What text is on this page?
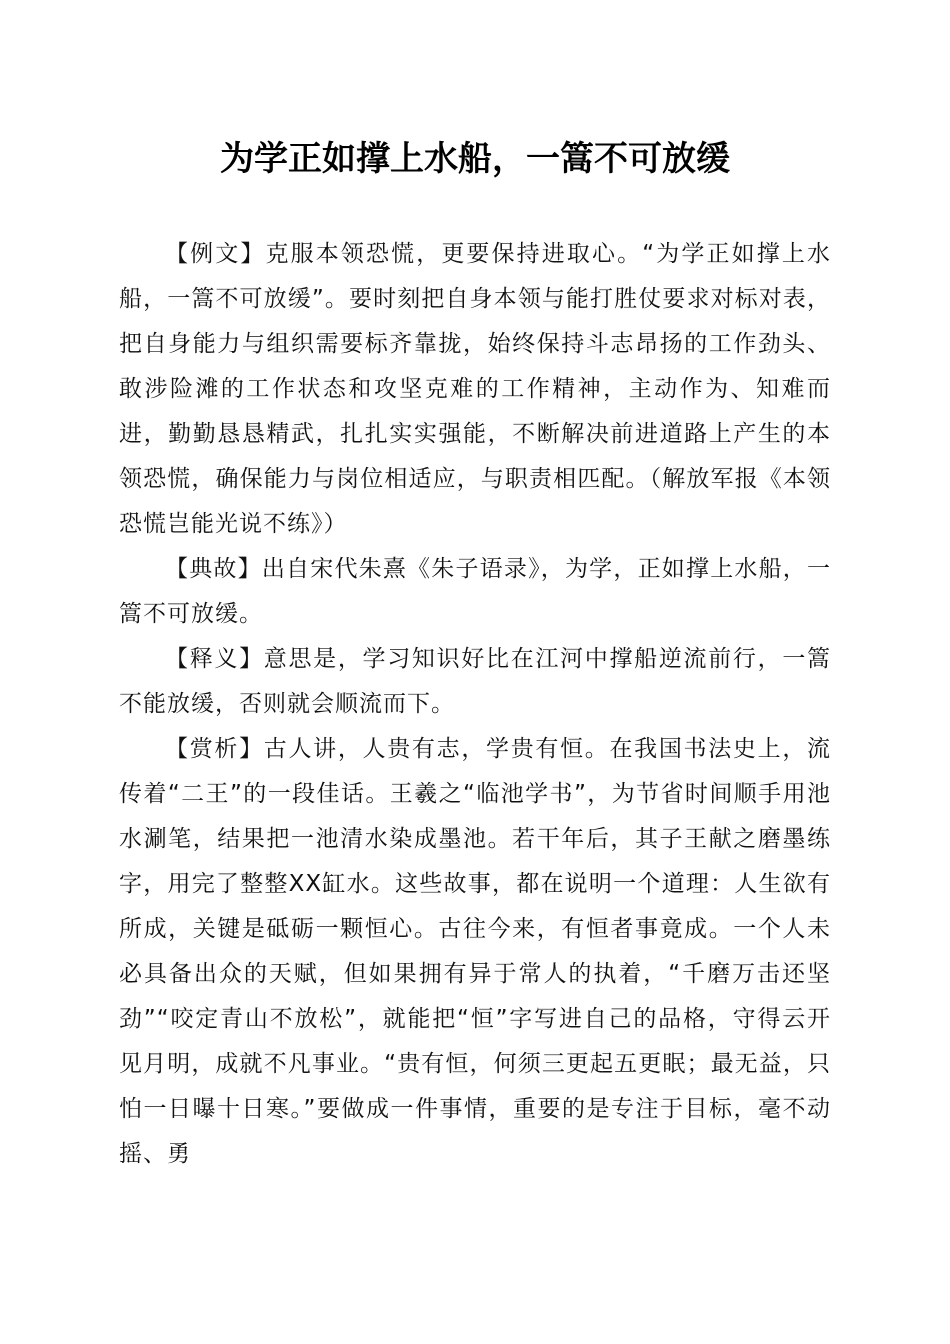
为学正如撑上水船，一篙不可放缓

【例文】克服本领恐慌，更要保持进取心。“为学正如撑上水船，一篙不可放缓”。要时刻把自身本领与能打胜仗要求对标对表，把自身能力与组织需要标齐靠拢，始终保持斗志昂扬的工作劲头、敢涉险滩的工作状态和攻坚克难的工作精神，主动作为、知难而进，勤勤恳恳精武，扎扎实实强能，不断解决前进道路上产生的本领恐慌，确保能力与岗位相适应，与职责相匹配。（解放军报《本领恐慌岂能光说不练》）

【典故】出自宋代朱熹《朱子语录》，为学，正如撑上水船，一篙不可放缓。

【释义】意思是，学习知识好比在江河中撑船逆流前行，一篙不能放缓，否则就会顺流而下。

【赏析】古人讲，人贵有志，学贵有恒。在我国书法史上，流传着“二王”的一段佳话。王羲之“临池学书”，为节省时间顺手用池水涮笔，结果把一池清水染成墨池。若干年后，其子王献之磨墨练字，用完了整整XX缸水。这些故事，都在说明一个道理：人生欲有所成，关键是砥砺一颗恒心。古往今来，有恒者事竟成。一个人未必具备出众的天赋，但如果拥有异于常人的执着，“千磨万击还坚劲”“咬定青山不放松”，就能把“恒”字写进自己的品格，守得云开见月明，成就不凡事业。“贵有恒，何须三更起五更眠；最无益，只怕一日曝十日寒。”要做成一件事情，重要的是专注于目标，毫不动摇、勇
